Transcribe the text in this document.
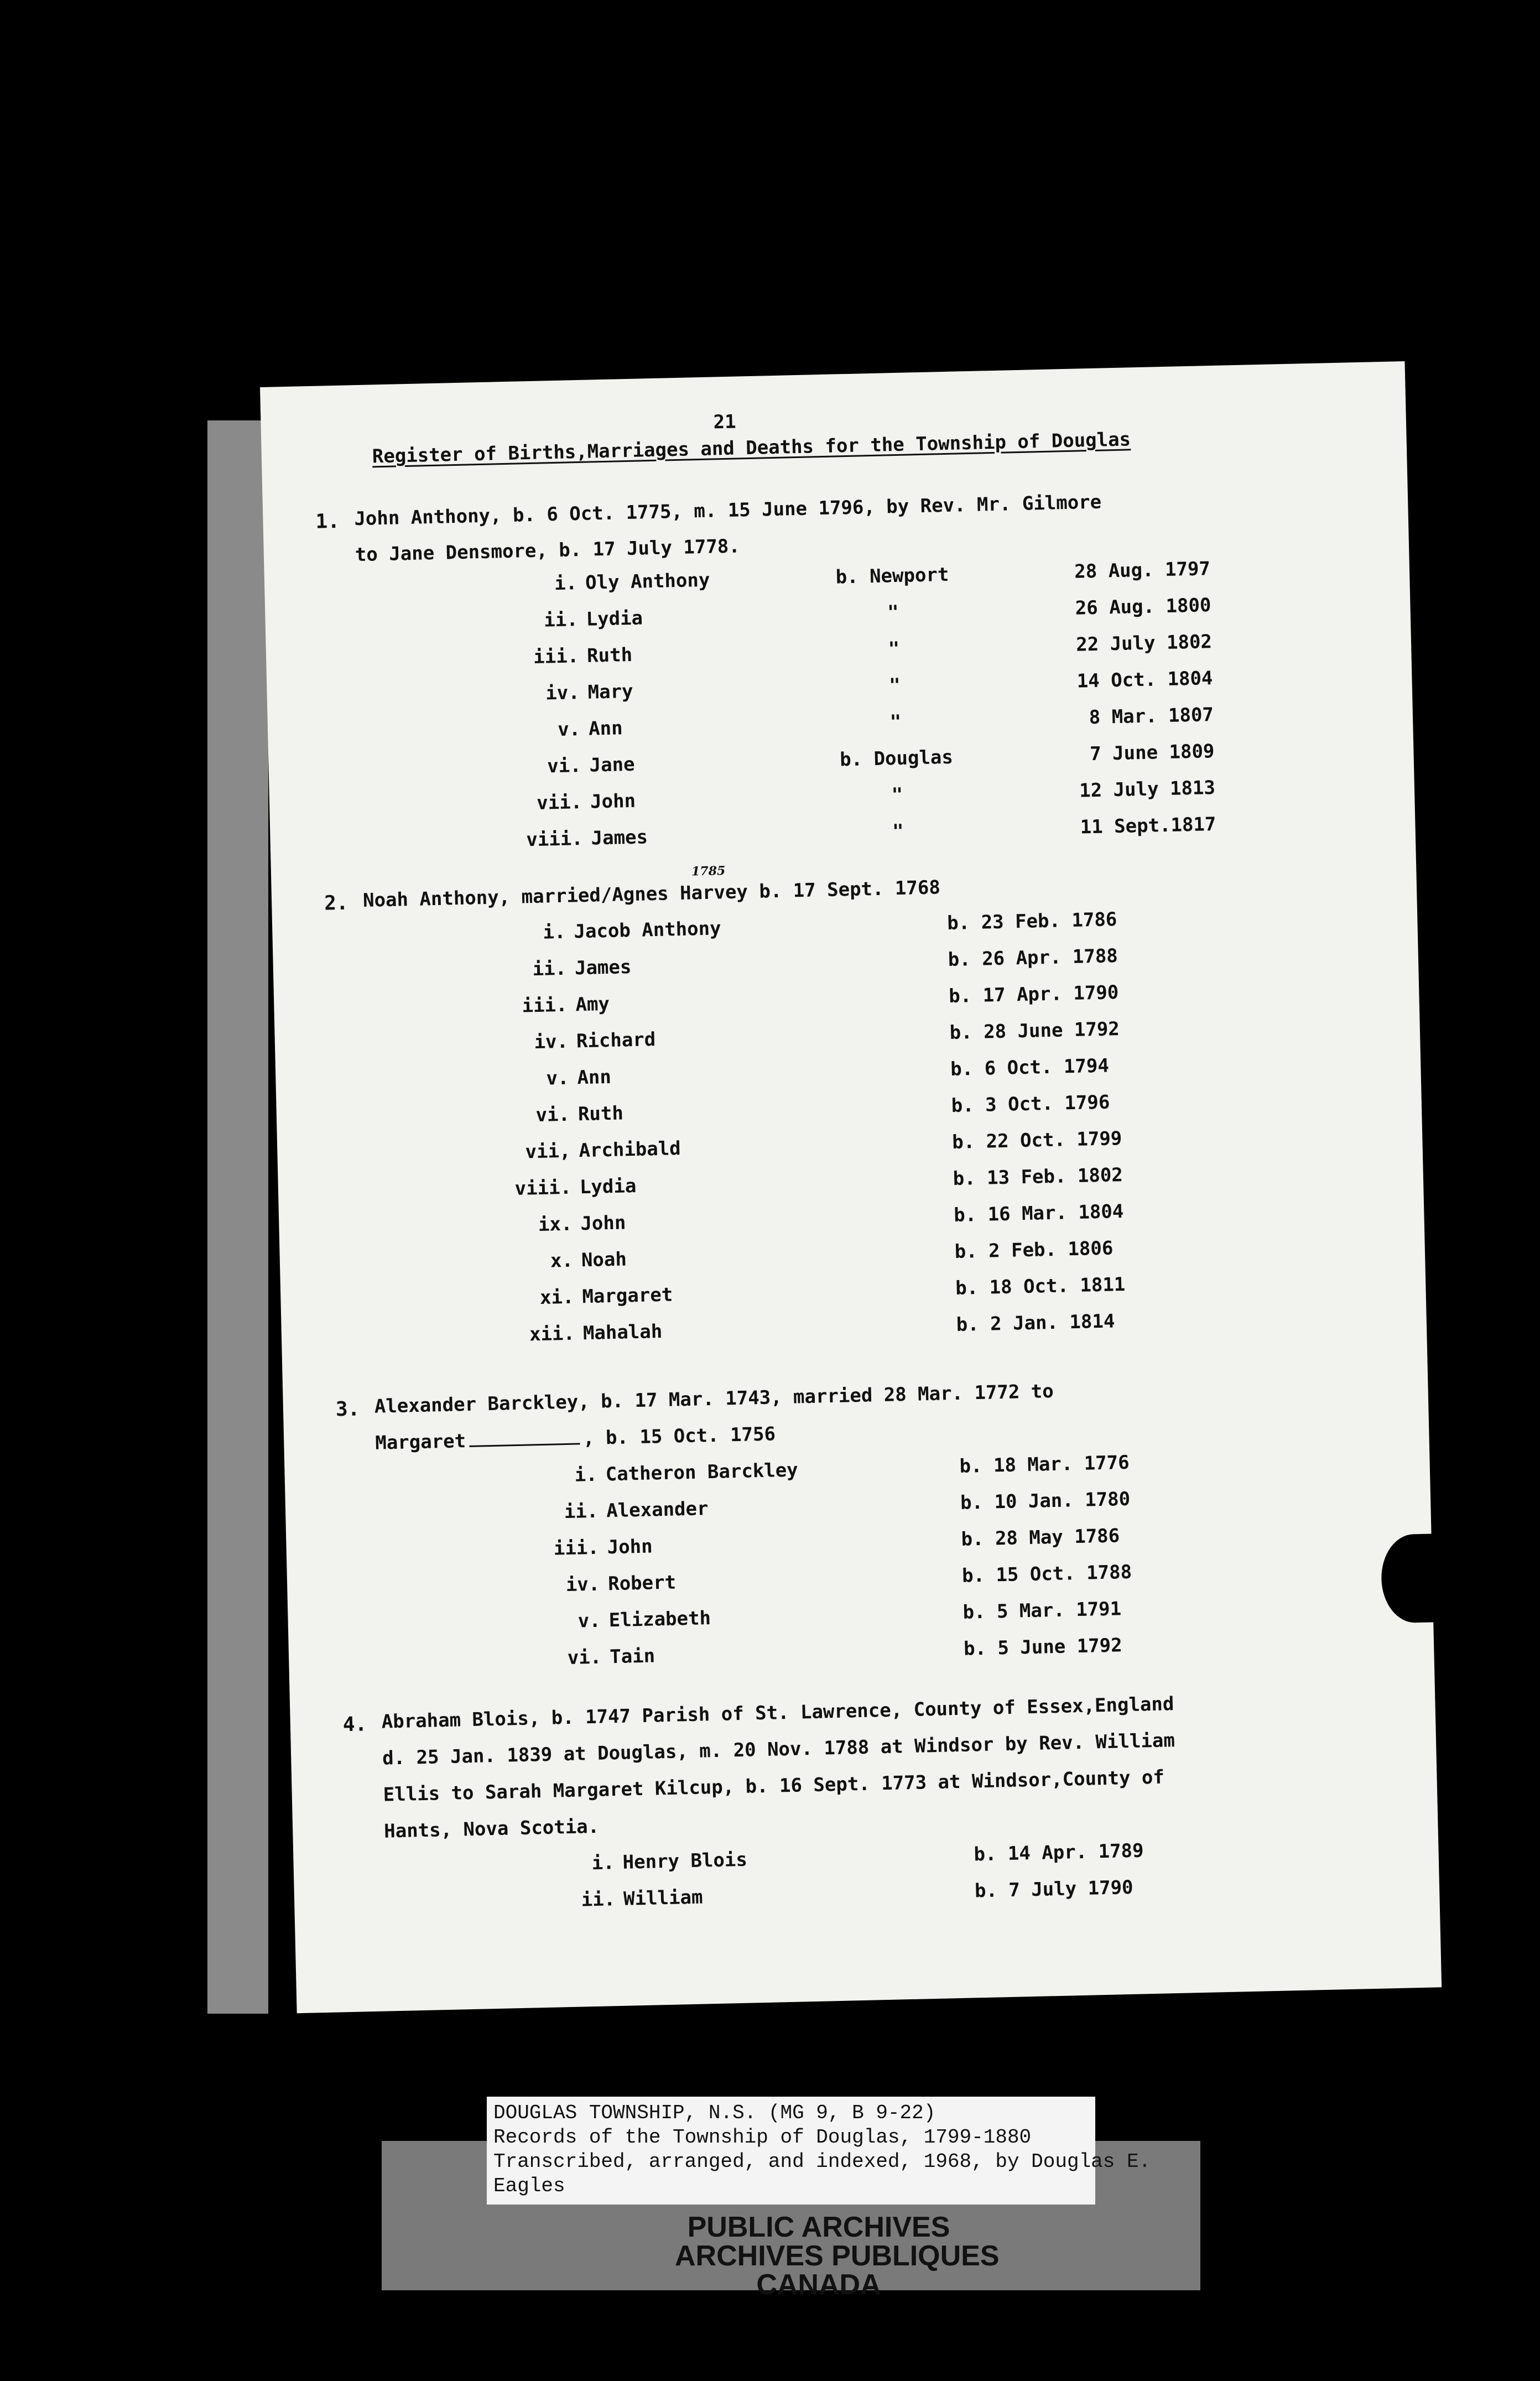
21
Register of Births,Marriages and Deaths for the Township of Douglas
1. John Anthony, b. 6 Oct. 1775, m. 15 June 1796, by Rev. Mr. Gilmore
to Jane Densmore, b. 17 July 1778.
i. Oly Anthony	b. Newport	28 Aug. 1797
ii. Lydia	"	26 Aug. 1800
iii. Ruth	"	22 July 1802
iv. Mary	"	14 Oct. 1804
v. Ann	"	8 Mar. 1807
vi. Jane	b. Douglas	7 June 1809
vii. John	"	12 July 1813
viii. James	"	11 Sept.1817
1785
2. Noah Anthony, married/Agnes Harvey b. 17 Sept. 1768
i. Jacob Anthony	b. 23 Feb. 1786
ii. James	b. 26 Apr. 1788
iii. Amy	b. 17 Apr. 1790
iv. Richard	b. 28 June 1792
v. Ann	b. 6 Oct. 1794
vi. Ruth	b. 3 Oct. 1796
vii, Archibald	b. 22 Oct. 1799
viii. Lydia	b. 13 Feb. 1802
ix. John	b. 16 Mar. 1804
x. Noah	b. 2 Feb. 1806
xi. Margaret	b. 18 Oct. 1811
xii. Mahalah	b. 2 Jan. 1814
3. Alexander Barckley, b. 17 Mar. 1743, married 28 Mar. 1772 to
Margaret	, b. 15 Oct. 1756
i. Catheron Barckley	b. 18 Mar. 1776
ii. Alexander	b. 10 Jan. 1780
iii. John	b. 28 May 1786
iv. Robert	b. 15 Oct. 1788
v. Elizabeth	b. 5 Mar. 1791
vi. Tain	b. 5 June 1792
4. Abraham Blois, b. 1747 Parish of St. Lawrence, County of Essex,England
d. 25 Jan. 1839 at Douglas, m. 20 Nov. 1788 at Windsor by Rev. William
Ellis to Sarah Margaret Kilcup, b. 16 Sept. 1773 at Windsor,County of
Hants, Nova Scotia.
i. Henry Blois	b. 14 Apr. 1789
ii. William	b. 7 July 1790
DOUGLAS TOWNSHIP, N.S. (MG 9, B 9-22)
Records of the Township of Douglas, 1799-1880
Transcribed, arranged, and indexed, 1968, by Douglas E.
Eagles
PUBLIC ARCHIVES
ARCHIVES PUBLIQUES
CANADA
